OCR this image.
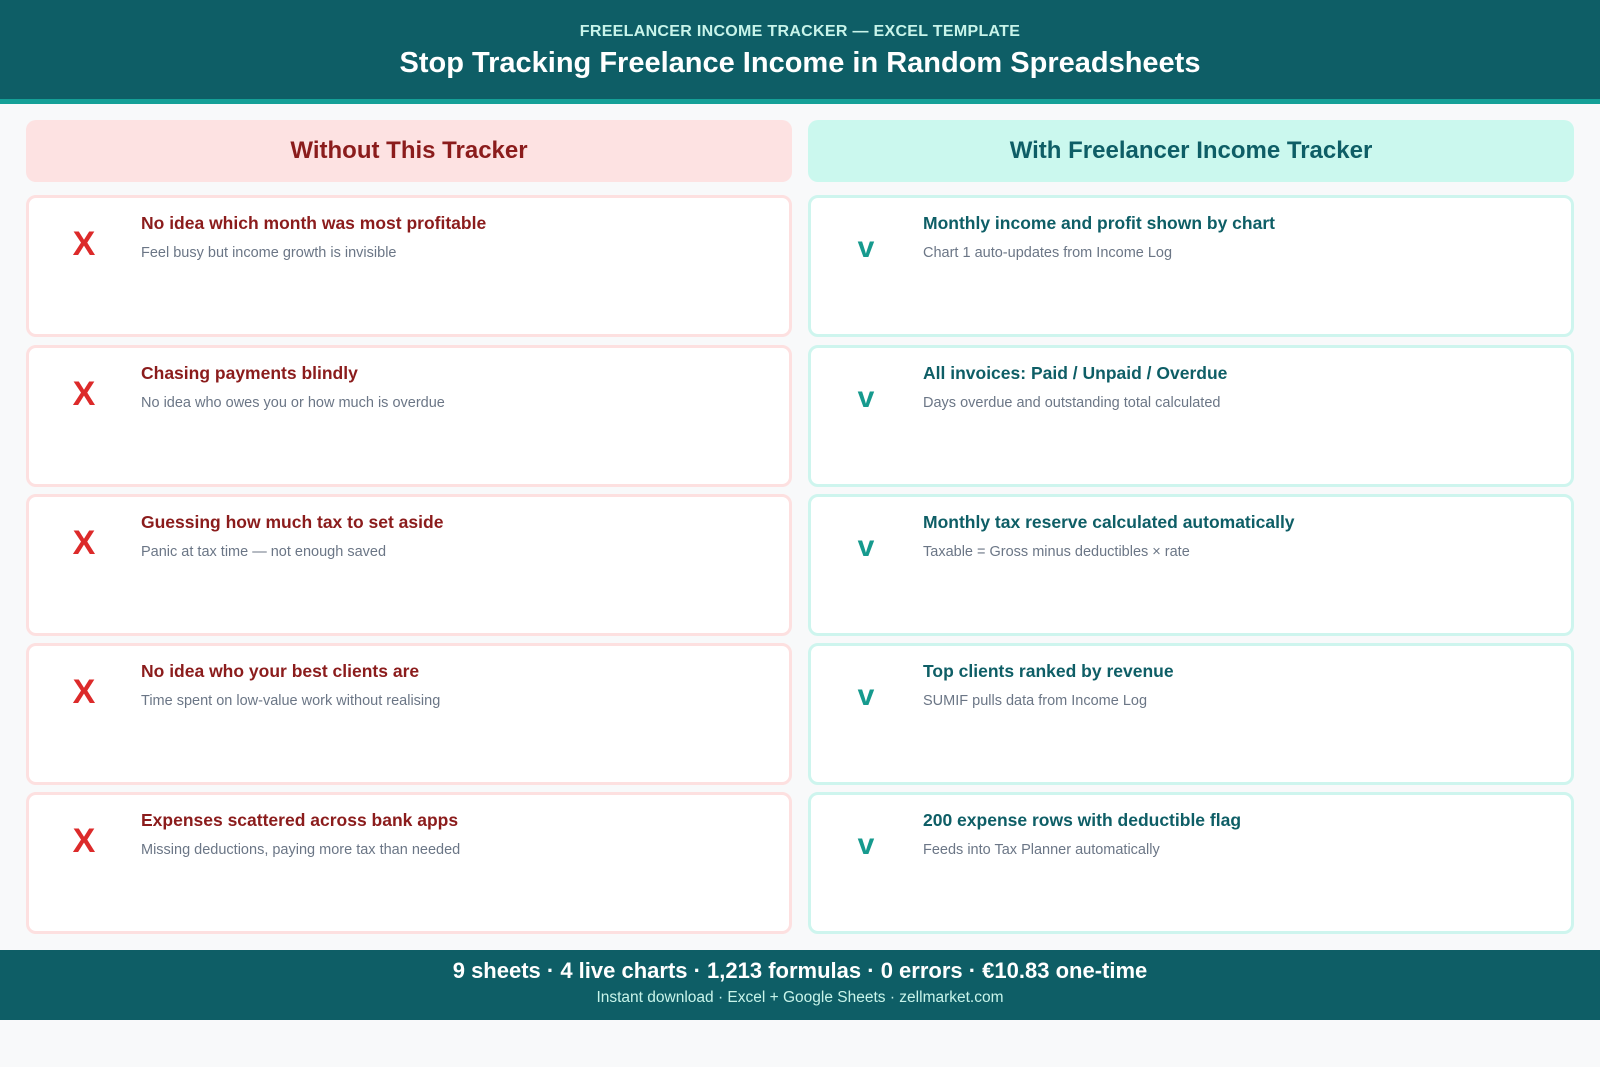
FREELANCER INCOME TRACKER — EXCEL TEMPLATE
Stop Tracking Freelance Income in Random Spreadsheets
Without This Tracker	With Freelancer Income Tracker
X
No idea which month was most profitable
Feel busy but income growth is invisible
X
Chasing payments blindly
No idea who owes you or how much is overdue
X
Guessing how much tax to set aside
Panic at tax time — not enough saved
X
No idea who your best clients are
Time spent on low-value work without realising
X
Expenses scattered across bank apps
Missing deductions, paying more tax than needed
v
Monthly income and profit shown by chart
Chart 1 auto-updates from Income Log
v
All invoices: Paid / Unpaid / Overdue
Days overdue and outstanding total calculated
v
Monthly tax reserve calculated automatically
Taxable = Gross minus deductibles × rate
v
Top clients ranked by revenue
SUMIF pulls data from Income Log
v
200 expense rows with deductible flag
Feeds into Tax Planner automatically
9 sheets · 4 live charts · 1,213 formulas · 0 errors · €10.83 one-time
Instant download · Excel + Google Sheets · zellmarket.com
